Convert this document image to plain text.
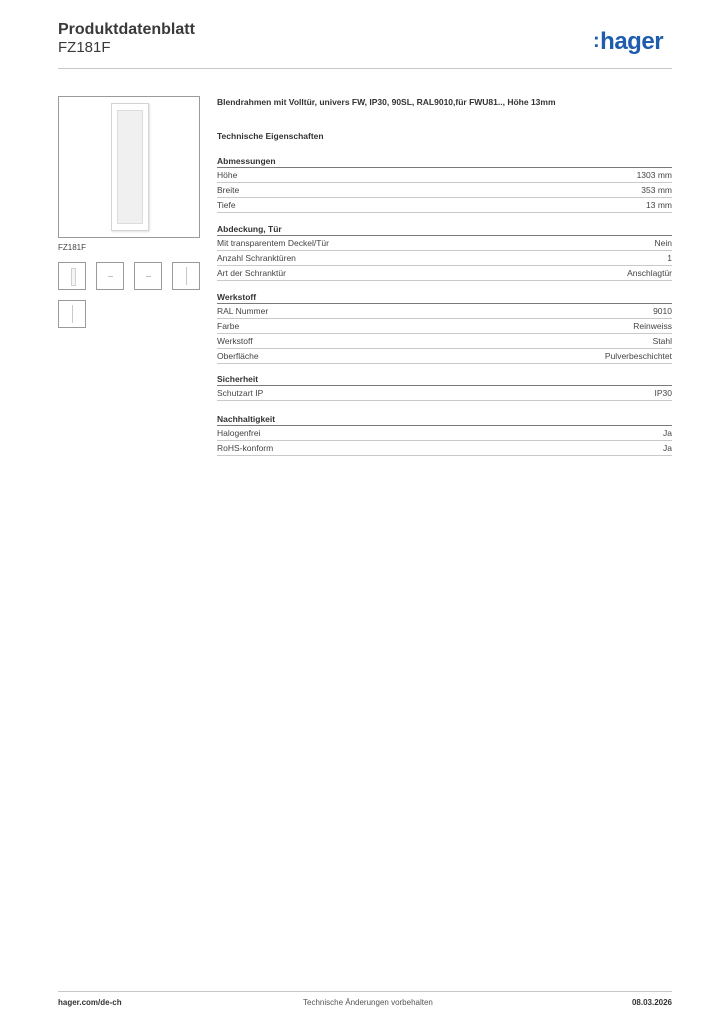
Produktdatenblatt
FZ181F	:hager
FZ181F
Blendrahmen mit Volltür, univers FW, IP30, 90SL, RAL9010,für FWU81.., Höhe 13mm
Technische Eigenschaften
Abmessungen
Höhe	1303 mm
Breite	353 mm
Tiefe	13 mm
Abdeckung, Tür
Mit transparentem Deckel/Tür	Nein
Anzahl Schranktüren	1
Art der Schranktür	Anschlagtür
Werkstoff
RAL Nummer	9010
Farbe	Reinweiss
Werkstoff	Stahl
Oberfläche	Pulverbeschichtet
Sicherheit
Schutzart IP	IP30
Nachhaltigkeit
Halogenfrei	Ja
RoHS-konform	Ja
hager.com/de-ch	Technische Änderungen vorbehalten	08.03.2026
